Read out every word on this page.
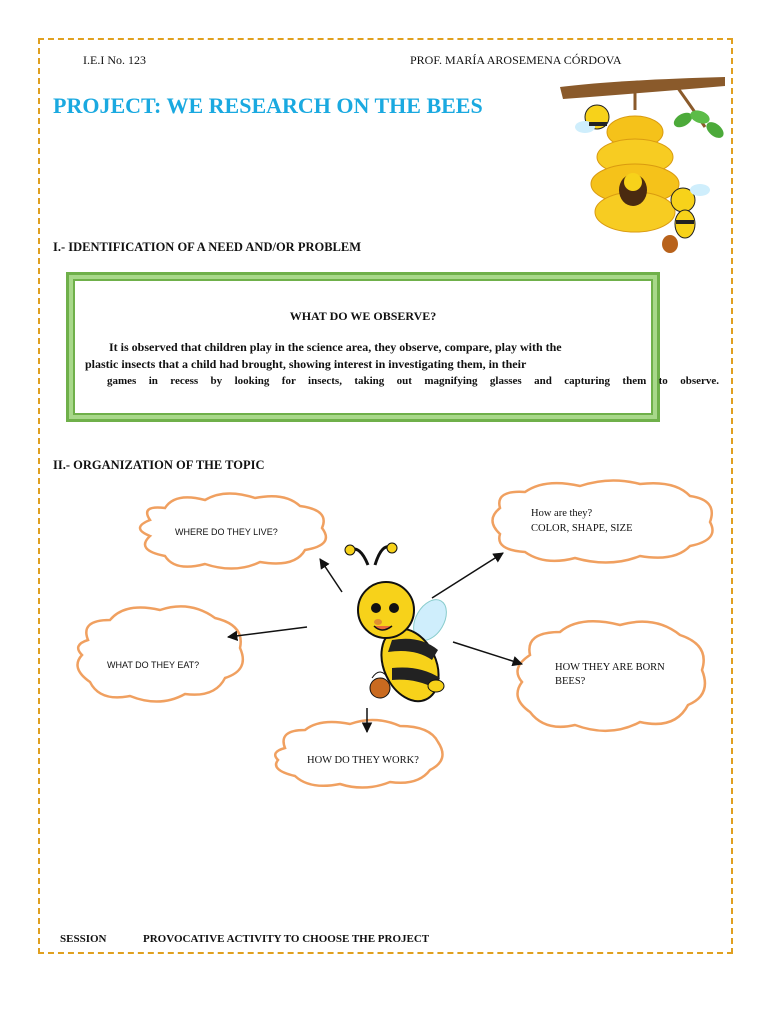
I.E.I No. 123	PROF. MARÍA AROSEMENA CÓRDOVA
PROJECT: WE RESEARCH ON THE BEES
I.- IDENTIFICATION OF A NEED AND/OR PROBLEM
WHAT DO WE OBSERVE?
It is observed that children play in the science area, they observe, compare, play with the
plastic insects that a child had brought, showing interest in investigating them, in their
games in recess by looking for insects, taking out magnifying glasses and capturing them to observe.
II.- ORGANIZATION OF THE TOPIC
WHERE DO THEY LIVE?
How are they?
COLOR, SHAPE, SIZE
WHAT DO THEY EAT?	HOW THEY ARE BORN
BEES?
HOW DO THEY WORK?
SESSION	PROVOCATIVE ACTIVITY TO CHOOSE THE PROJECT
